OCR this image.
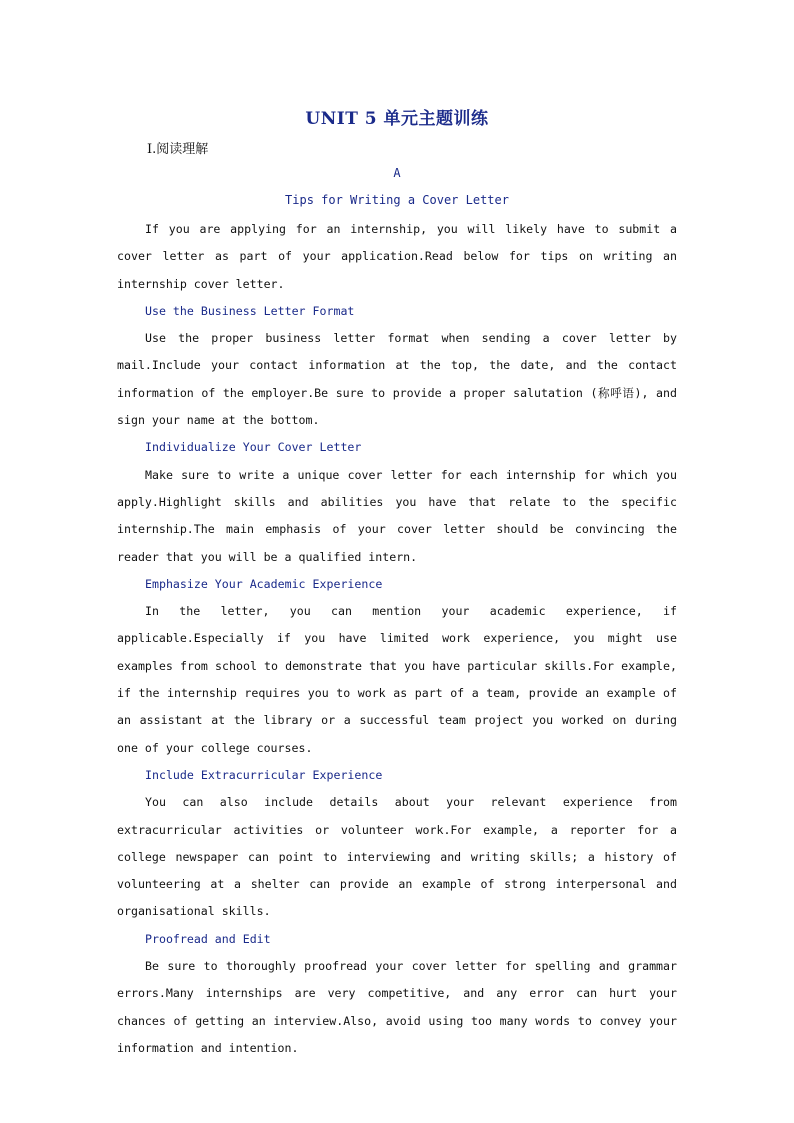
UNIT 5 单元主题训练
Ⅰ.阅读理解
A
Tips for Writing a Cover Letter

If you are applying for an internship, you will likely have to submit a cover letter as part of your application.Read below for tips on writing an internship cover letter.

Use the Business Letter Format

Use the proper business letter format when sending a cover letter by mail.Include your contact information at the top, the date, and the contact information of the employer.Be sure to provide a proper salutation (称呼语), and sign your name at the bottom.

Individualize Your Cover Letter

Make sure to write a unique cover letter for each internship for which you apply.Highlight skills and abilities you have that relate to the specific internship.The main emphasis of your cover letter should be convincing the reader that you will be a qualified intern.

Emphasize Your Academic Experience

In the letter, you can mention your academic experience, if applicable.Especially if you have limited work experience, you might use examples from school to demonstrate that you have particular skills.For example, if the internship requires you to work as part of a team, provide an example of an assistant at the library or a successful team project you worked on during one of your college courses.

Include Extracurricular Experience

You can also include details about your relevant experience from extracurricular activities or volunteer work.For example, a reporter for a college newspaper can point to interviewing and writing skills; a history of volunteering at a shelter can provide an example of strong interpersonal and organisational skills.

Proofread and Edit

Be sure to thoroughly proofread your cover letter for spelling and grammar errors.Many internships are very competitive, and any error can hurt your chances of getting an interview.Also, avoid using too many words to convey your information and intention.
